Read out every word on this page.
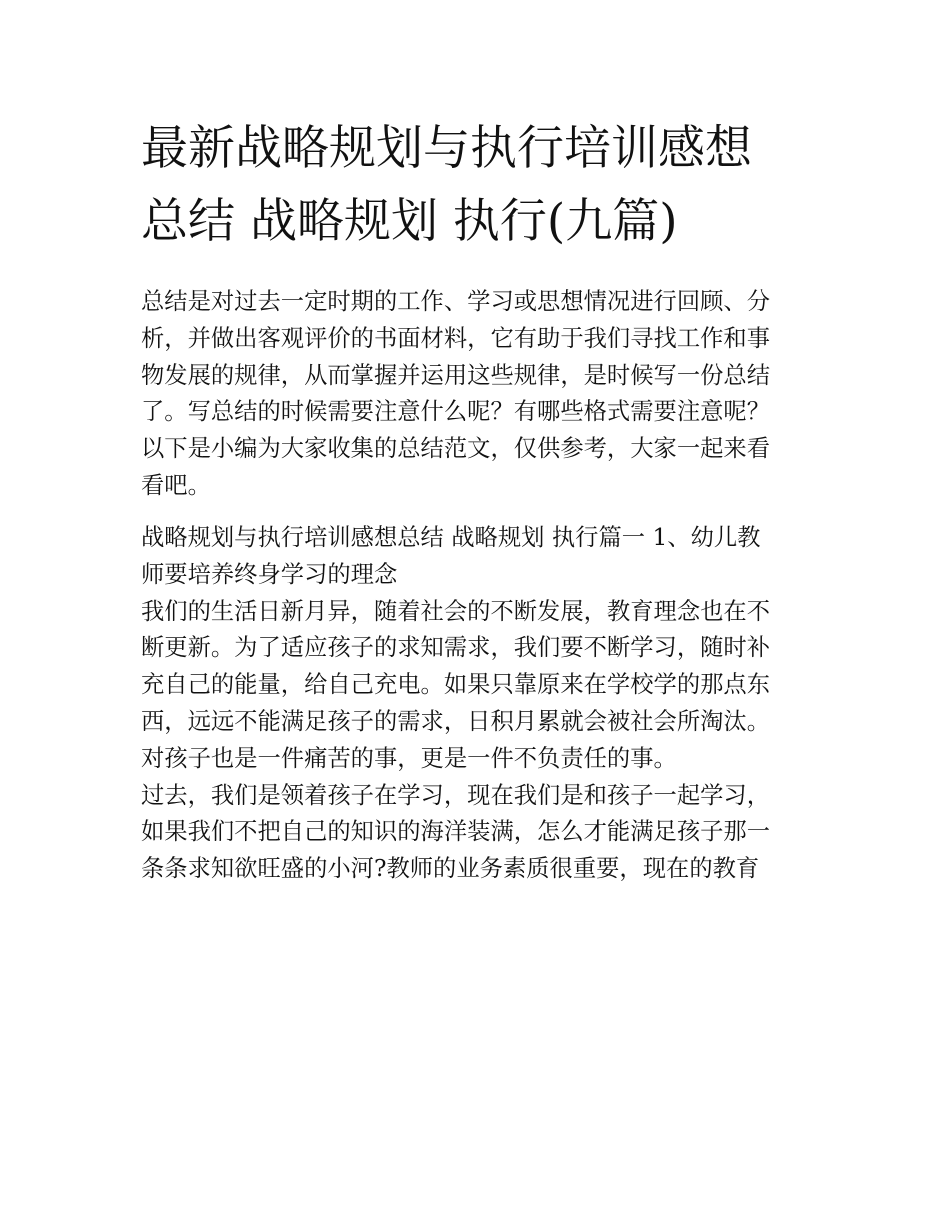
最新战略规划与执行培训感想
总结 战略规划 执行(九篇)
总结是对过去一定时期的工作、学习或思想情况进行回顾、分
析，并做出客观评价的书面材料，它有助于我们寻找工作和事
物发展的规律，从而掌握并运用这些规律，是时候写一份总结
了。写总结的时候需要注意什么呢？有哪些格式需要注意呢？
以下是小编为大家收集的总结范文，仅供参考，大家一起来看
看吧。
战略规划与执行培训感想总结 战略规划 执行篇一 1、幼儿教
师要培养终身学习的理念
我们的生活日新月异，随着社会的不断发展，教育理念也在不
断更新。为了适应孩子的求知需求，我们要不断学习，随时补
充自己的能量，给自己充电。如果只靠原来在学校学的那点东
西，远远不能满足孩子的需求，日积月累就会被社会所淘汰。
对孩子也是一件痛苦的事，更是一件不负责任的事。
过去，我们是领着孩子在学习，现在我们是和孩子一起学习，
如果我们不把自己的知识的海洋装满，怎么才能满足孩子那一
条条求知欲旺盛的小河?教师的业务素质很重要，现在的教育
